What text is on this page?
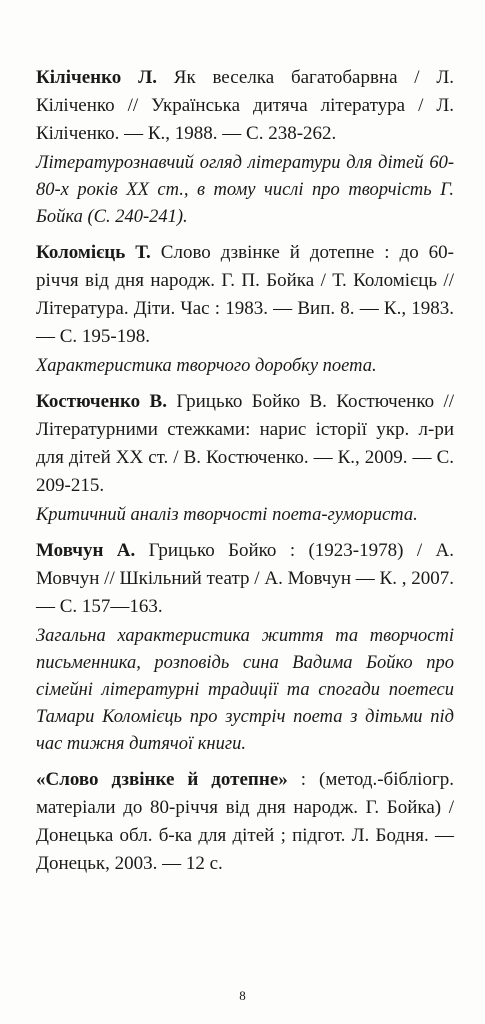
Кіліченко Л. Як веселка багатобарвна / Л. Кіліченко // Українська дитяча література / Л. Кіліченко. — К., 1988. — С. 238-262.

Літературознавчий огляд літератури для дітей 60-80-х років XX ст., в тому числі про творчість Г. Бойка (С. 240-241).

Коломієць Т. Слово дзвінке й дотепне : до 60-річчя від дня народж. Г. П. Бойка / Т. Коломієць // Література. Діти. Час : 1983. — Вип. 8. — К., 1983. — С. 195-198.

Характеристика творчого доробку поета.

Костюченко В. Грицько Бойко В. Костюченко // Літературними стежками: нарис історії укр. л-ри для дітей XX ст. / В. Костюченко. — К., 2009. — С. 209-215.

Критичний аналіз творчості поета-гумориста.

Мовчун А. Грицько Бойко : (1923-1978) / А. Мовчун // Шкільний театр / А. Мовчун — К. , 2007. — С. 157—163.

Загальна характеристика життя та творчості письменника, розповідь сина Вадима Бойко про сімейні літературні традиції та спогади поетеси Тамари Коломієць про зустріч поета з дітьми під час тижня дитячої книги.

«Слово дзвінке й дотепне» : (метод.-бібліогр. матеріали до 80-річчя від дня народж. Г. Бойка) / Донецька обл. б-ка для дітей ; підгот. Л. Бодня. — Донецьк, 2003. — 12 с.

8
